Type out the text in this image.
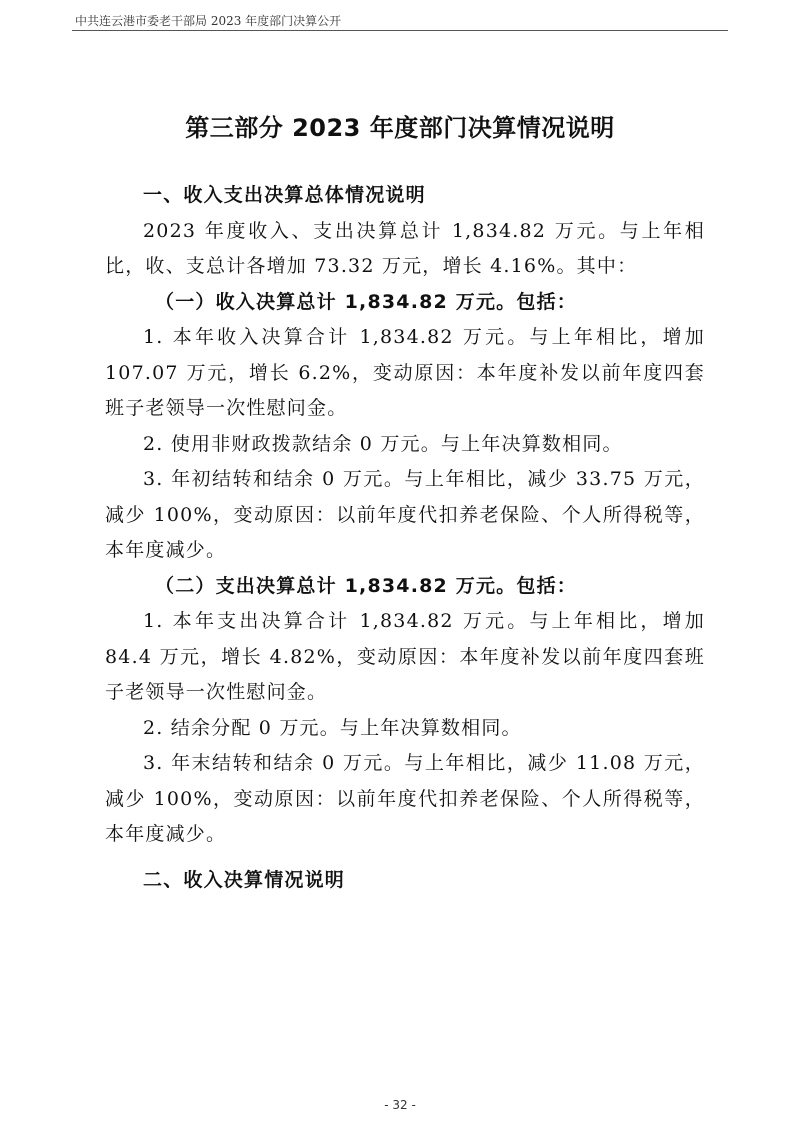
中共连云港市委老干部局 2023 年度部门决算公开
第三部分 2023 年度部门决算情况说明

一、收入支出决算总体情况说明

2023 年度收入、支出决算总计 1,834.82 万元。与上年相比，收、支总计各增加 73.32 万元，增长 4.16%。其中：

（一）收入决算总计 1,834.82 万元。包括：

1. 本年收入决算合计 1,834.82 万元。与上年相比，增加 107.07 万元，增长 6.2%，变动原因：本年度补发以前年度四套班子老领导一次性慰问金。

2. 使用非财政拨款结余 0 万元。与上年决算数相同。

3. 年初结转和结余 0 万元。与上年相比，减少 33.75 万元，减少 100%，变动原因：以前年度代扣养老保险、个人所得税等，本年度减少。

（二）支出决算总计 1,834.82 万元。包括：

1. 本年支出决算合计 1,834.82 万元。与上年相比，增加 84.4 万元，增长 4.82%，变动原因：本年度补发以前年度四套班子老领导一次性慰问金。

2. 结余分配 0 万元。与上年决算数相同。

3. 年末结转和结余 0 万元。与上年相比，减少 11.08 万元，减少 100%，变动原因：以前年度代扣养老保险、个人所得税等，本年度减少。

二、收入决算情况说明

- 32 -
